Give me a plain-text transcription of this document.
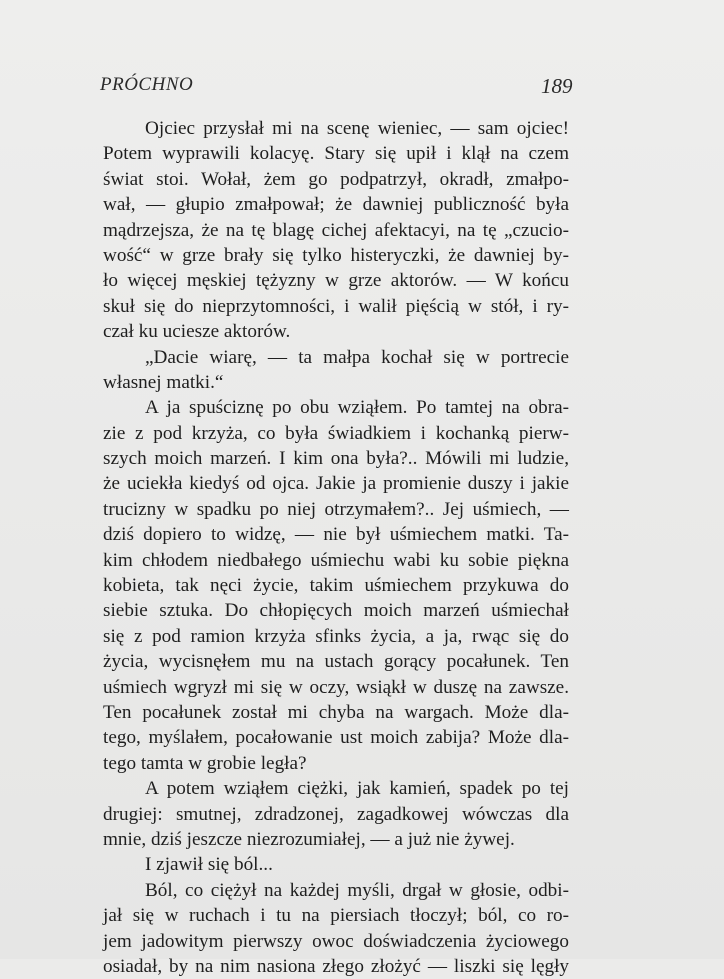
PRÓCHNO	189
Ojciec przysłał mi na scenę wieniec, — sam ojciec!
Potem wyprawili kolacyę. Stary się upił i klął na czem
świat stoi. Wołał, żem go podpatrzył, okradł, zmałpo-
wał, — głupio zmałpował; że dawniej publiczność była
mądrzejsza, że na tę blagę cichej afektacyi, na tę „czucio-
wość“ w grze brały się tylko histeryczki, że dawniej by-
ło więcej męskiej tężyzny w grze aktorów. — W końcu
skuł się do nieprzytomności, i walił pięścią w stół, i ry-
czał ku uciesze aktorów.
„Dacie wiarę, — ta małpa kochał się w portrecie
własnej matki.“
A ja spuściznę po obu wziąłem. Po tamtej na obra-
zie z pod krzyża, co była świadkiem i kochanką pierw-
szych moich marzeń. I kim ona była?.. Mówili mi ludzie,
że uciekła kiedyś od ojca. Jakie ja promienie duszy i jakie
trucizny w spadku po niej otrzymałem?.. Jej uśmiech, —
dziś dopiero to widzę, — nie był uśmiechem matki. Ta-
kim chłodem niedbałego uśmiechu wabi ku sobie piękna
kobieta, tak nęci życie, takim uśmiechem przykuwa do
siebie sztuka. Do chłopięcych moich marzeń uśmiechał
się z pod ramion krzyża sfinks życia, a ja, rwąc się do
życia, wycisnęłem mu na ustach gorący pocałunek. Ten
uśmiech wgryzł mi się w oczy, wsiąkł w duszę na zawsze.
Ten pocałunek został mi chyba na wargach. Może dla-
tego, myślałem, pocałowanie ust moich zabija? Może dla-
tego tamta w grobie legła?
A potem wziąłem ciężki, jak kamień, spadek po tej
drugiej: smutnej, zdradzonej, zagadkowej wówczas dla
mnie, dziś jeszcze niezrozumiałej, — a już nie żywej.
I zjawił się ból...
Ból, co ciężył na każdej myśli, drgał w głosie, odbi-
jał się w ruchach i tu na piersiach tłoczył; ból, co ro-
jem jadowitym pierwszy owoc doświadczenia życiowego
osiadał, by na nim nasiona złego złożyć — liszki się lęgły
